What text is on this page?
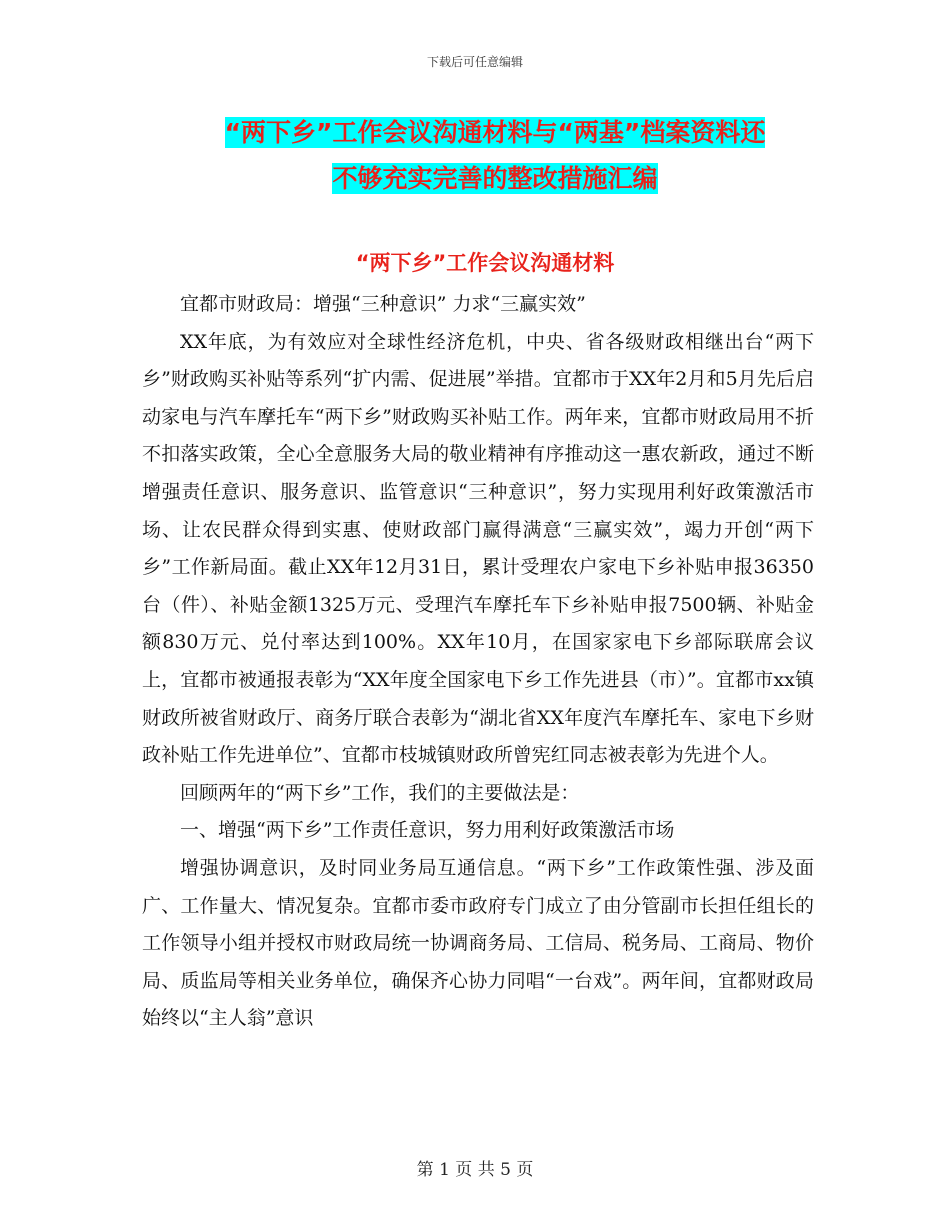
下载后可任意编辑
“两下乡”工作会议沟通材料与“两基”档案资料还
不够充实完善的整改措施汇编
“两下乡”工作会议沟通材料

宜都市财政局：增强“三种意识” 力求“三赢实效”

XX年底，为有效应对全球性经济危机，中央、省各级财政相继出台“两下乡”财政购买补贴等系列“扩内需、促进展”举措。宜都市于XX年2月和5月先后启动家电与汽车摩托车“两下乡”财政购买补贴工作。两年来，宜都市财政局用不折不扣落实政策，全心全意服务大局的敬业精神有序推动这一惠农新政，通过不断增强责任意识、服务意识、监管意识“三种意识”，努力实现用利好政策激活市场、让农民群众得到实惠、使财政部门赢得满意“三赢实效”，竭力开创“两下乡”工作新局面。截止XX年12月31日，累计受理农户家电下乡补贴申报36350台（件）、补贴金额1325万元、受理汽车摩托车下乡补贴申报7500辆、补贴金额830万元、兑付率达到100%。XX年10月，在国家家电下乡部际联席会议上，宜都市被通报表彰为“XX年度全国家电下乡工作先进县（市）”。宜都市xx镇财政所被省财政厅、商务厅联合表彰为“湖北省XX年度汽车摩托车、家电下乡财政补贴工作先进单位”、宜都市枝城镇财政所曾宪红同志被表彰为先进个人。

回顾两年的“两下乡”工作，我们的主要做法是：

一、增强“两下乡”工作责任意识，努力用利好政策激活市场

增强协调意识，及时同业务局互通信息。“两下乡”工作政策性强、涉及面广、工作量大、情况复杂。宜都市委市政府专门成立了由分管副市长担任组长的工作领导小组并授权市财政局统一协调商务局、工信局、税务局、工商局、物价局、质监局等相关业务单位，确保齐心协力同唱“一台戏”。两年间，宜都财政局始终以“主人翁”意识

第 1 页 共 5 页
